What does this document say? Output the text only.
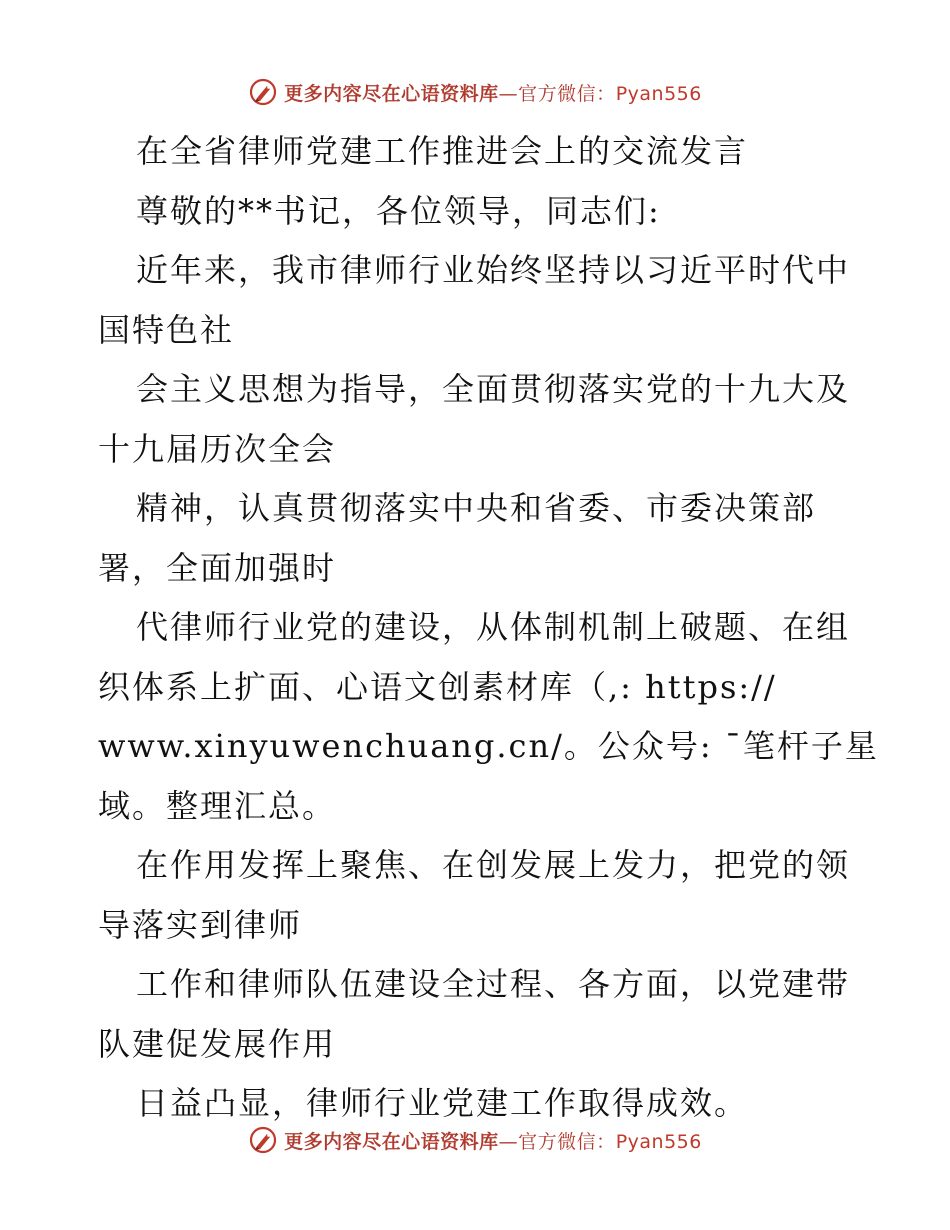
更多内容尽在心语资料库—官方微信：Pyan556
在全省律师党建工作推进会上的交流发言
尊敬的**书记，各位领导，同志们:
近年来，我市律师行业始终坚持以习近平时代中
国特色社
会主义思想为指导，全面贯彻落实党的十九大及
十九届历次全会
精神，认真贯彻落实中央和省委、市委决策部
署，全面加强时
代律师行业党的建设，从体制机制上破题、在组
织体系上扩面、心语文创素材库（,: https://
www.xinyuwenchuang.cn/。公众号: ¯笔杆子星
域。整理汇总。
在作用发挥上聚焦、在创发展上发力，把党的领
导落实到律师
工作和律师队伍建设全过程、各方面，以党建带
队建促发展作用
日益凸显，律师行业党建工作取得成效。
更多内容尽在心语资料库—官方微信：Pyan556
